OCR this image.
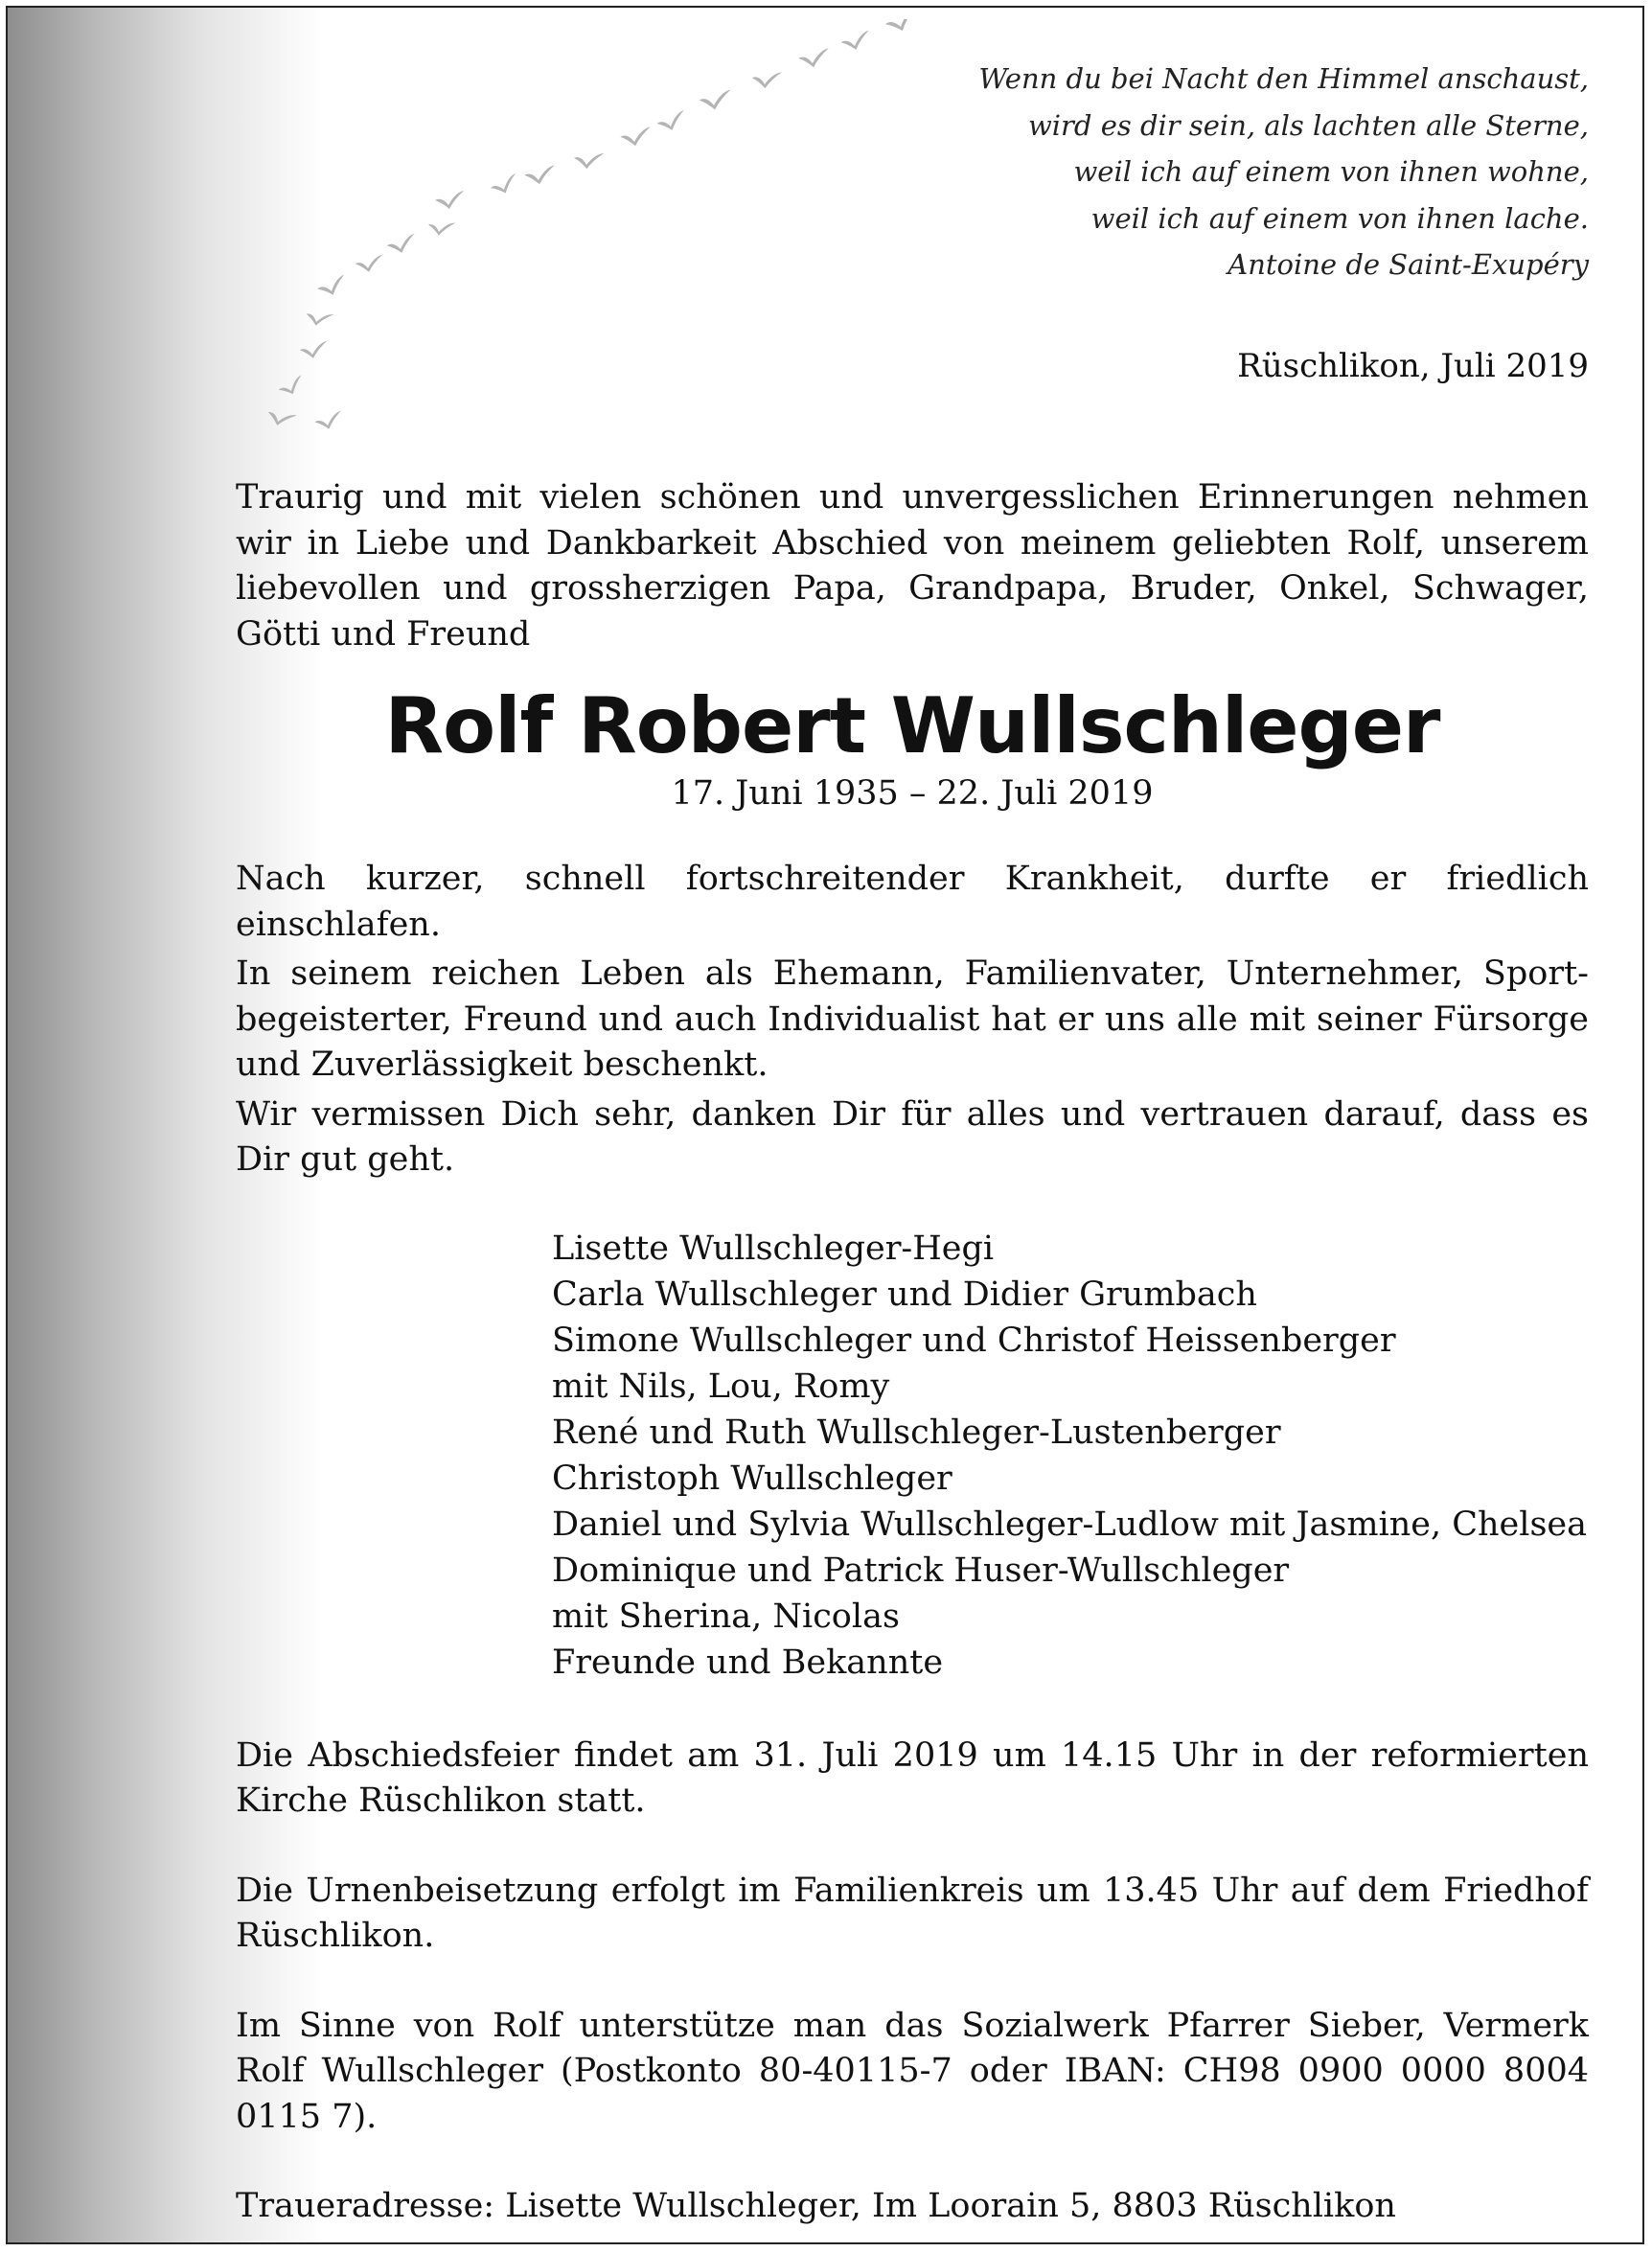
Wenn du bei Nacht den Himmel anschaust,
wird es dir sein, als lachten alle Sterne,
weil ich auf einem von ihnen wohne,
weil ich auf einem von ihnen lache.
Antoine de Saint-Exupéry
Rüschlikon, Juli 2019

Traurig und mit vielen schönen und unvergesslichen Erinnerungen nehmen wir in Liebe und Dankbarkeit Abschied von meinem geliebten Rolf, unserem liebevollen und grossherzigen Papa, Grandpapa, Bruder, Onkel, Schwager, Götti und Freund

Rolf Robert Wullschleger

17. Juni 1935 – 22. Juli 2019

Nach kurzer, schnell fortschreitender Krankheit, durfte er friedlich einschlafen.

In seinem reichen Leben als Ehemann, Familienvater, Unternehmer, Sportbegeisterter, Freund und auch Individualist hat er uns alle mit seiner Fürsorge und Zuverlässigkeit beschenkt.

Wir vermissen Dich sehr, danken Dir für alles und vertrauen darauf, dass es Dir gut geht.

Lisette Wullschleger-Hegi
Carla Wullschleger und Didier Grumbach
Simone Wullschleger und Christof Heissenberger
mit Nils, Lou, Romy
René und Ruth Wullschleger-Lustenberger
Christoph Wullschleger
Daniel und Sylvia Wullschleger-Ludlow mit Jasmine, Chelsea
Dominique und Patrick Huser-Wullschleger
mit Sherina, Nicolas
Freunde und Bekannte

Die Abschiedsfeier findet am 31. Juli 2019 um 14.15 Uhr in der reformierten Kirche Rüschlikon statt.

Die Urnenbeisetzung erfolgt im Familienkreis um 13.45 Uhr auf dem Friedhof Rüschlikon.

Im Sinne von Rolf unterstütze man das Sozialwerk Pfarrer Sieber, Vermerk Rolf Wullschleger (Postkonto 80-40115-7 oder IBAN: CH98 0900 0000 8004 0115 7).

Traueradresse: Lisette Wullschleger, Im Loorain 5, 8803 Rüschlikon
